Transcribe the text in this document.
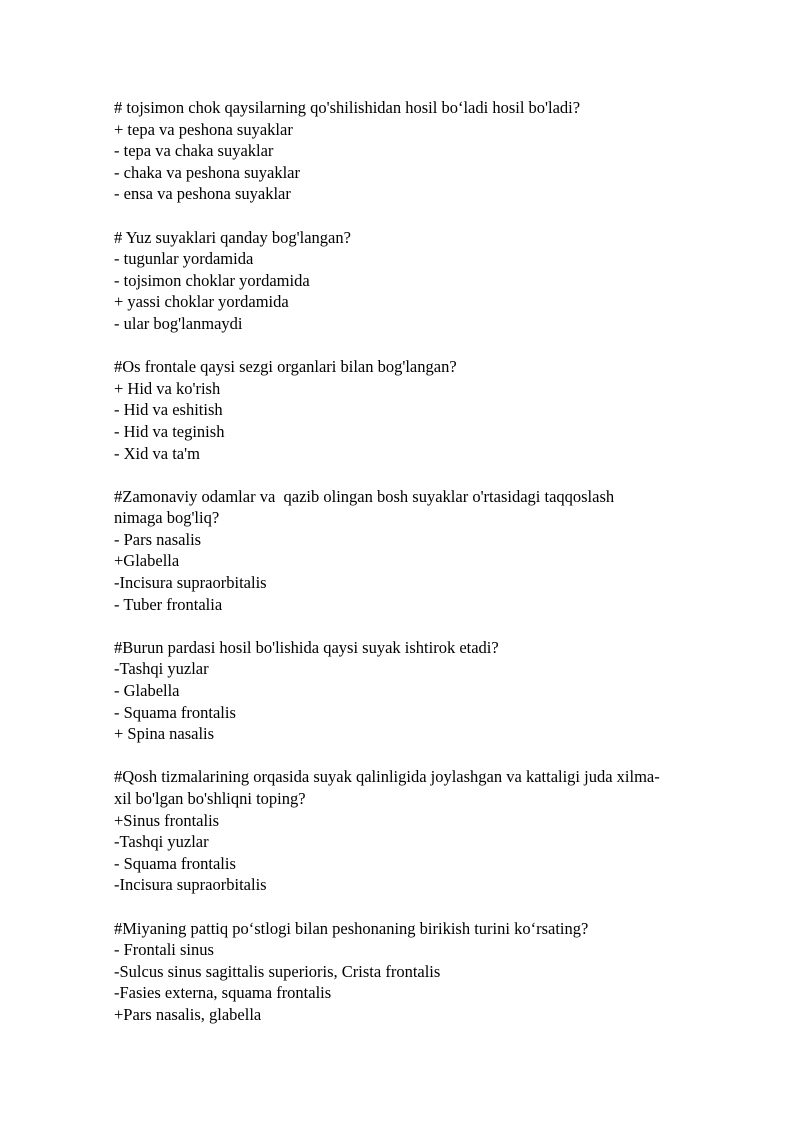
# tojsimon chok qaysilarning qo'shilishidan hosil bo‘ladi hosil bo'ladi?

+ tepa va peshona suyaklar

- tepa va chaka suyaklar

- chaka va peshona suyaklar

- ensa va peshona suyaklar

# Yuz suyaklari qanday bog'langan?

- tugunlar yordamida

- tojsimon choklar yordamida

+ yassi choklar yordamida

- ular bog'lanmaydi

#Os frontale qaysi sezgi organlari bilan bog'langan?

+ Hid va ko'rish

- Hid va eshitish

- Hid va teginish

- Xid va ta'm

#Zamonaviy odamlar va  qazib olingan bosh suyaklar o'rtasidagi taqqoslash

nimaga bog'liq?

- Pars nasalis

+Glabella

-Incisura supraorbitalis

- Tuber frontalia

#Burun pardasi hosil bo'lishida qaysi suyak ishtirok etadi?

-Tashqi yuzlar

- Glabella

- Squama frontalis

+ Spina nasalis

#Qosh tizmalarining orqasida suyak qalinligida joylashgan va kattaligi juda xilma-

xil bo'lgan bo'shliqni toping?

+Sinus frontalis

-Tashqi yuzlar

- Squama frontalis

-Incisura supraorbitalis

#Miyaning pattiq po‘stlogi bilan peshonaning birikish turini ko‘rsating?

- Frontali sinus

-Sulcus sinus sagittalis superioris, Crista frontalis

-Fasies externa, squama frontalis

+Pars nasalis, glabella
